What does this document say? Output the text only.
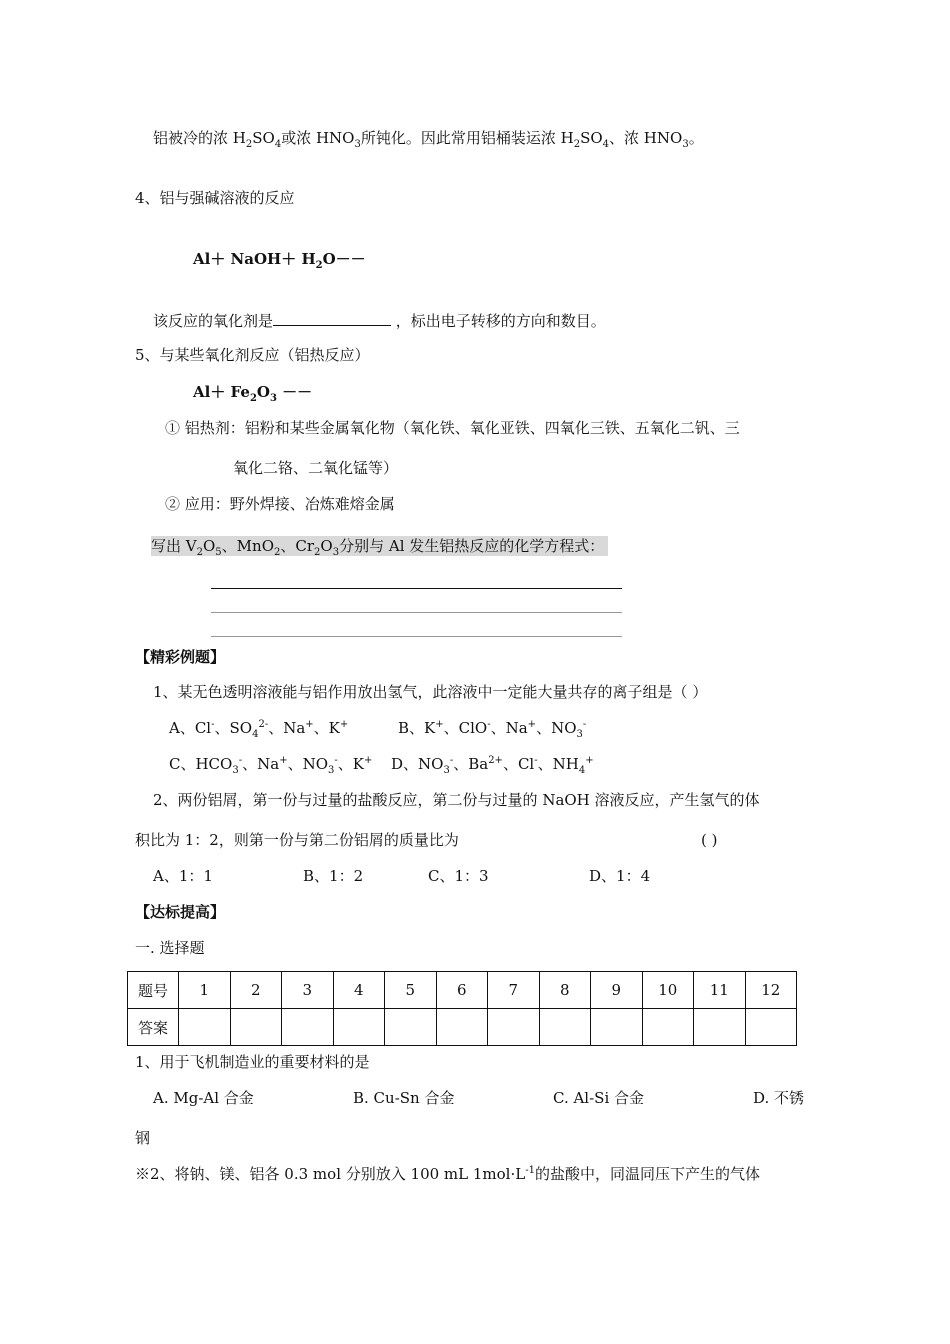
铝被冷的浓 $H_2SO_4$或浓 $HNO_3$所钝化。因此常用铝桶装运浓 $H_2SO_4$、浓 $HNO_3$。
4、铝与强碱溶液的反应
Al＋ NaOH＋ $H_2O--$
该反应的氧化剂是	，标出电子转移的方向和数目。
5、与某些氧化剂反应（铝热反应）
$Al+ Fe_2O_3$ －－
① 铝热剂：铝粉和某些金属氧化物（氧化铁、氧化亚铁、四氧化三铁、五氧化二钒、三
氧化二铬、二氧化锰等）
② 应用：野外焊接、冶炼难熔金属
写出 $V_2O_5$、MnO$_2$、$Cr_2O_3$分别与 Al 发生铝热反应的化学方程式：
【精彩例题】
1、某无色透明溶液能与铝作用放出氢气，此溶液中一定能大量共存的离子组是（ ）
A、Cl-、$SO_4^{2-}$、Na+、K+	B、K+、ClO-、Na+、$NO_3^-$
C、$HCO_3^-$、Na+、$NO_3^-$、K+ D、$NO_3^-$、$Ba^{2+}$、Cl-、$NH_4^+$
2、两份铝屑，第一份与过量的盐酸反应，第二份与过量的 NaOH 溶液反应，产生氢气的体
积比为 1：2，则第一份与第二份铝屑的质量比为	( )
A、1：1	B、1：2	C、1：3	D、1：4
【达标提高】
一. 选择题
题号	1	2	3	4	5	6	7	8	9	10	11	12
答案												
1、用于飞机制造业的重要材料的是
A. Mg-Al 合金	B. Cu-Sn 合金	C. Al-Si 合金	D. 不锈
钢
※2、将钠、镁、铝各 0.3 mol 分别放入 100 mL $1mol\cdot L^{-1}$的盐酸中，同温同压下产生的气体
